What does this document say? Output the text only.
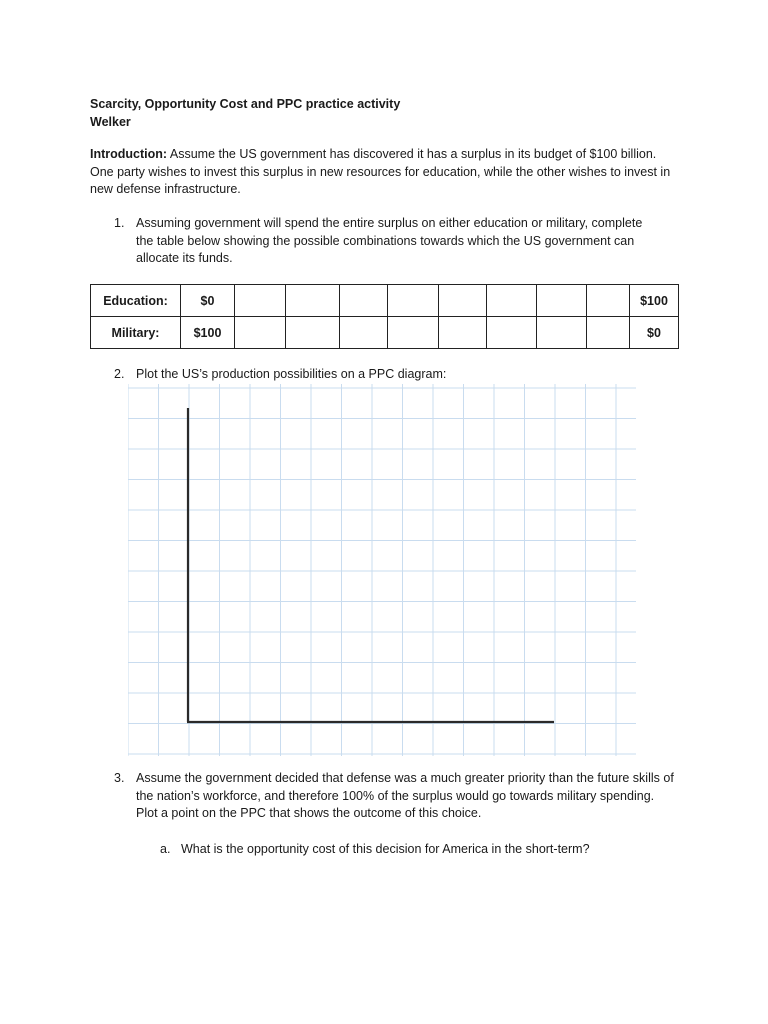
Scarcity, Opportunity Cost and PPC practice activity
Welker
Introduction: Assume the US government has discovered it has a surplus in its budget of $100 billion. One party wishes to invest this surplus in new resources for education, while the other wishes to invest in new defense infrastructure.
1. Assuming government will spend the entire surplus on either education or military, complete the table below showing the possible combinations towards which the US government can allocate its funds.
Education:	$0									$100
Military:	$100									$0
2. Plot the US’s production possibilities on a PPC diagram:
3. Assume the government decided that defense was a much greater priority than the future skills of the nation’s workforce, and therefore 100% of the surplus would go towards military spending. Plot a point on the PPC that shows the outcome of this choice.
a. What is the opportunity cost of this decision for America in the short-term?
